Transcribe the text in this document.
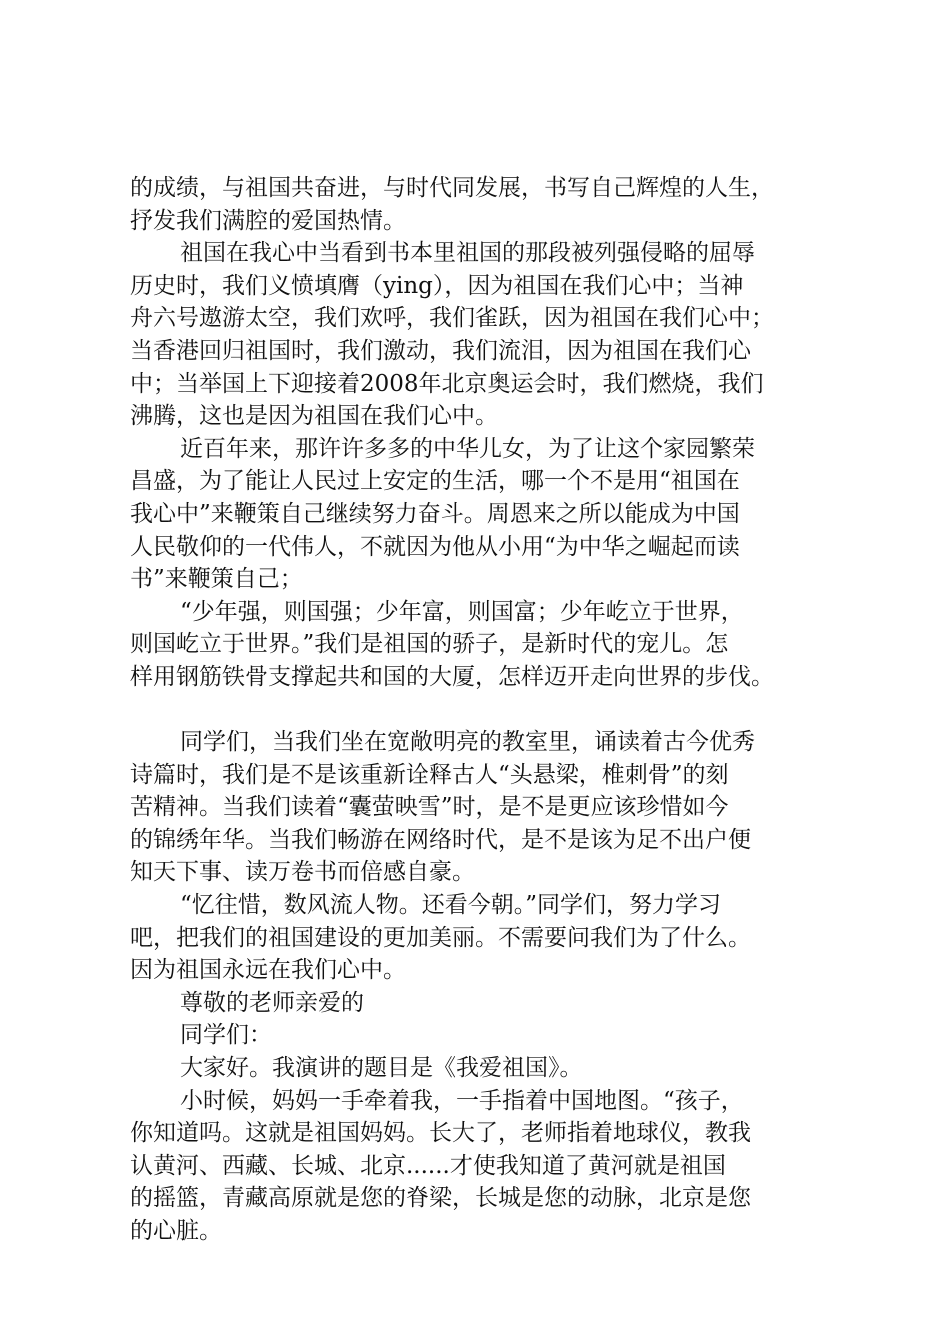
的成绩，与祖国共奋进，与时代同发展，书写自己辉煌的人生，
抒发我们满腔的爱国热情。
祖国在我心中当看到书本里祖国的那段被列强侵略的屈辱
历史时，我们义愤填膺（ying），因为祖国在我们心中；当神
舟六号遨游太空，我们欢呼，我们雀跃，因为祖国在我们心中；
当香港回归祖国时，我们激动，我们流泪，因为祖国在我们心
中；当举国上下迎接着2008年北京奥运会时，我们燃烧，我们
沸腾，这也是因为祖国在我们心中。
近百年来，那许许多多的中华儿女，为了让这个家园繁荣
昌盛，为了能让人民过上安定的生活，哪一个不是用“祖国在
我心中”来鞭策自己继续努力奋斗。周恩来之所以能成为中国
人民敬仰的一代伟人，不就因为他从小用“为中华之崛起而读
书”来鞭策自己；
“少年强，则国强；少年富，则国富；少年屹立于世界，
则国屹立于世界。”我们是祖国的骄子，是新时代的宠儿。怎
样用钢筋铁骨支撑起共和国的大厦，怎样迈开走向世界的步伐。
同学们，当我们坐在宽敞明亮的教室里，诵读着古今优秀
诗篇时，我们是不是该重新诠释古人“头悬梁，椎刺骨”的刻
苦精神。当我们读着“囊萤映雪”时，是不是更应该珍惜如今
的锦绣年华。当我们畅游在网络时代，是不是该为足不出户便
知天下事、读万卷书而倍感自豪。
“忆往惜，数风流人物。还看今朝。”同学们，努力学习
吧，把我们的祖国建设的更加美丽。不需要问我们为了什么。
因为祖国永远在我们心中。
尊敬的老师亲爱的
同学们：
大家好。我演讲的题目是《我爱祖国》。
小时候，妈妈一手牵着我，一手指着中国地图。“孩子，
你知道吗。这就是祖国妈妈。长大了，老师指着地球仪，教我
认黄河、西藏、长城、北京......才使我知道了黄河就是祖国
的摇篮，青藏高原就是您的脊梁，长城是您的动脉，北京是您
的心脏。
